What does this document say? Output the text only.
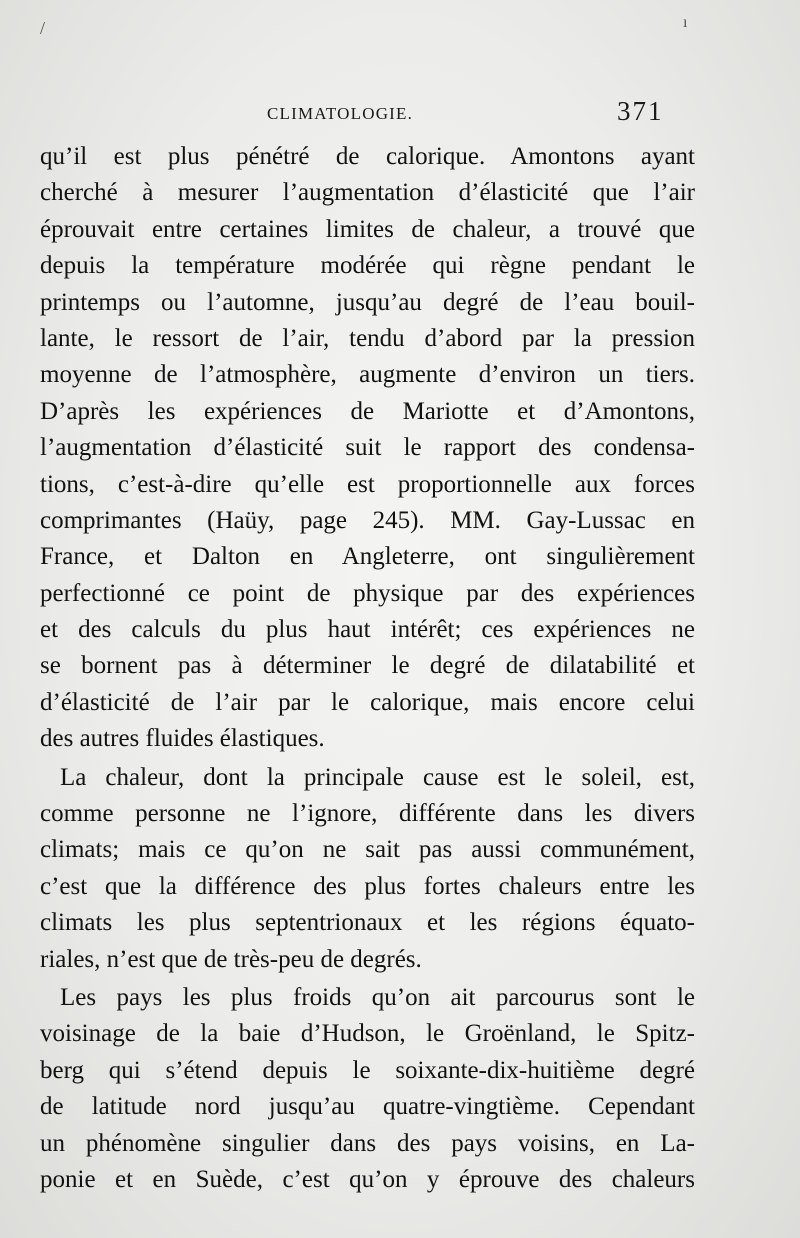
/	ı
CLIMATOLOGIE.	371
qu’il est plus pénétré de calorique. Amontons ayant
cherché à mesurer l’augmentation d’élasticité que l’air
éprouvait entre certaines limites de chaleur, a trouvé que
depuis la température modérée qui règne pendant le
printemps ou l’automne, jusqu’au degré de l’eau bouil-
lante, le ressort de l’air, tendu d’abord par la pression
moyenne de l’atmosphère, augmente d’environ un tiers.
D’après les expériences de Mariotte et d’Amontons,
l’augmentation d’élasticité suit le rapport des condensa-
tions, c’est-à-dire qu’elle est proportionnelle aux forces
comprimantes (Haüy, page 245). MM. Gay-Lussac en
France, et Dalton en Angleterre, ont singulièrement
perfectionné ce point de physique par des expériences
et des calculs du plus haut intérêt; ces expériences ne
se bornent pas à déterminer le degré de dilatabilité et
d’élasticité de l’air par le calorique, mais encore celui
des autres fluides élastiques.
La chaleur, dont la principale cause est le soleil, est,
comme personne ne l’ignore, différente dans les divers
climats; mais ce qu’on ne sait pas aussi communément,
c’est que la différence des plus fortes chaleurs entre les
climats les plus septentrionaux et les régions équato-
riales, n’est que de très-peu de degrés.
Les pays les plus froids qu’on ait parcourus sont le
voisinage de la baie d’Hudson, le Groënland, le Spitz-
berg qui s’étend depuis le soixante-dix-huitième degré
de latitude nord jusqu’au quatre-vingtième. Cependant
un phénomène singulier dans des pays voisins, en La-
ponie et en Suède, c’est qu’on y éprouve des chaleurs
